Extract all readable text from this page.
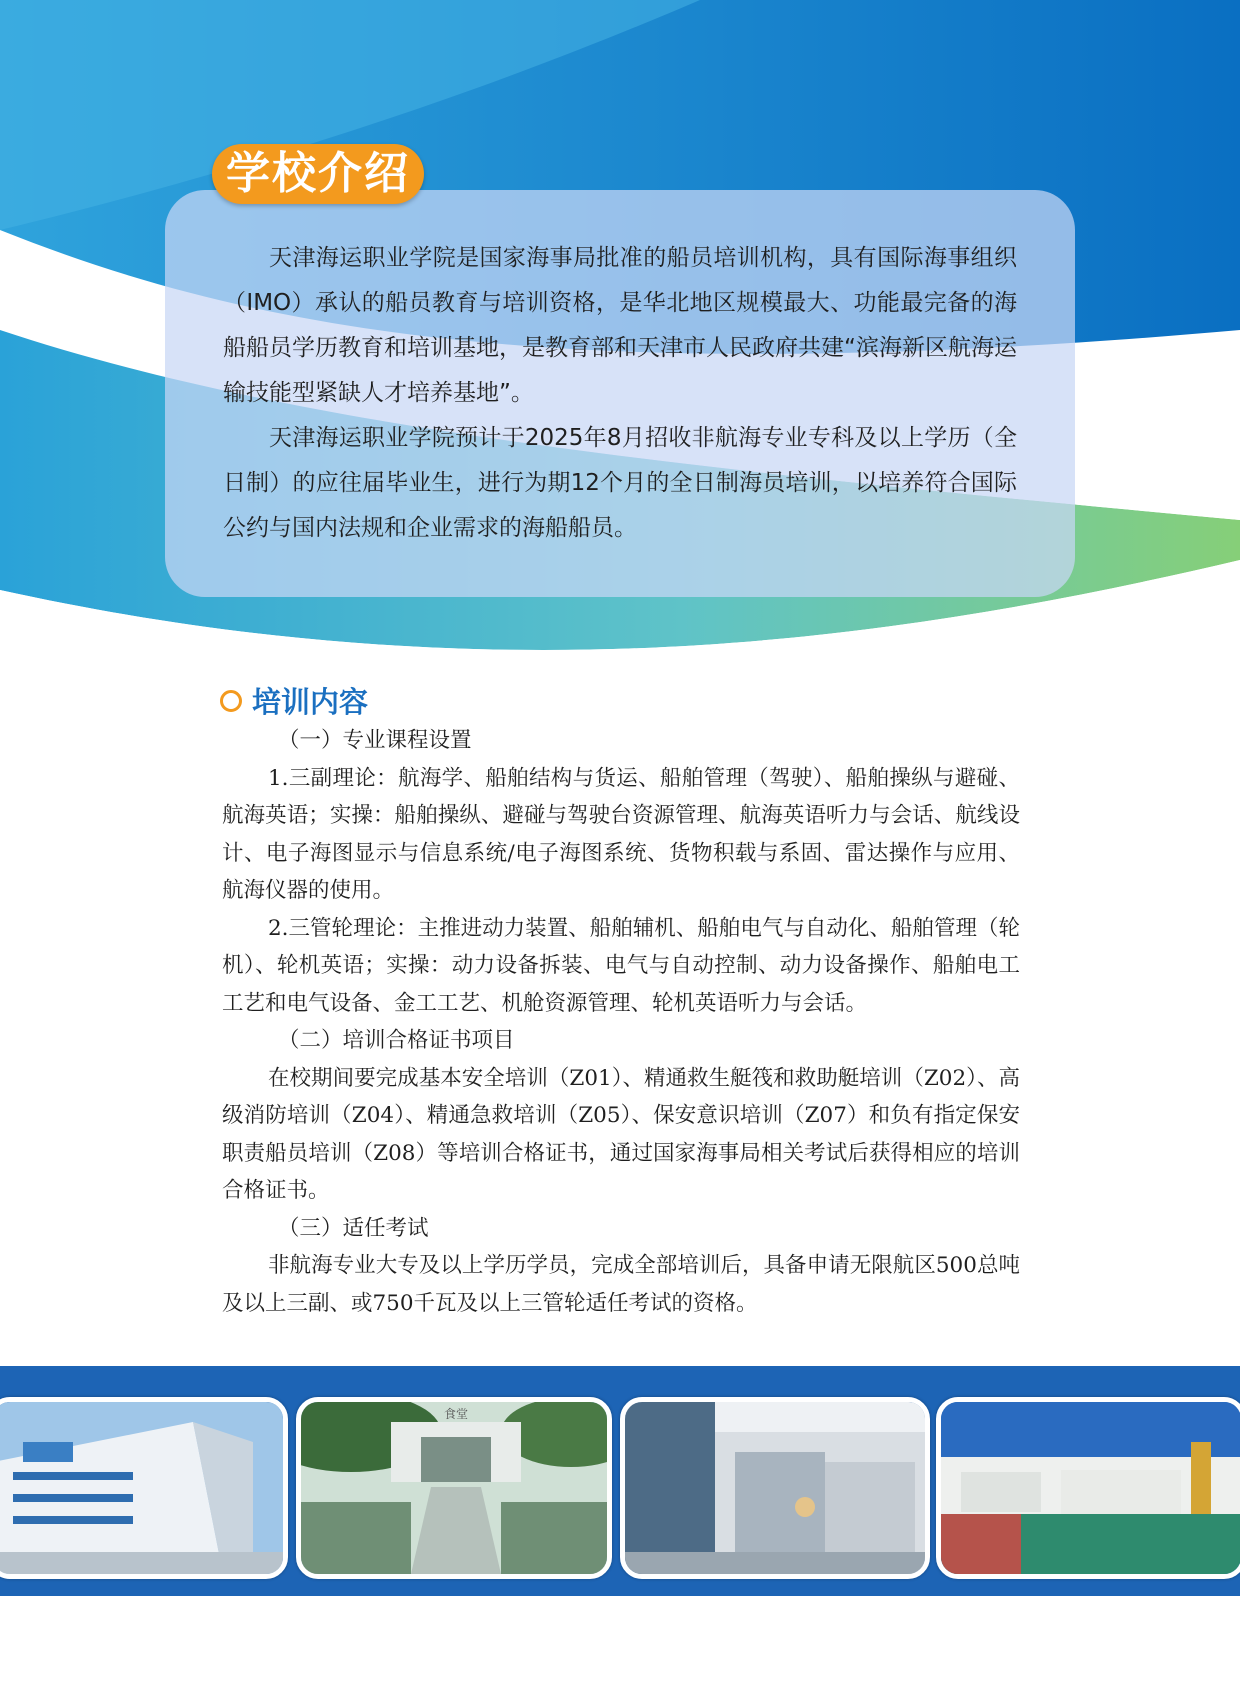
学校介绍

天津海运职业学院是国家海事局批准的船员培训机构，具有国际海事组织（IMO）承认的船员教育与培训资格，是华北地区规模最大、功能最完备的海船船员学历教育和培训基地，是教育部和天津市人民政府共建“滨海新区航海运输技能型紧缺人才培养基地”。

天津海运职业学院预计于2025年8月招收非航海专业专科及以上学历（全日制）的应往届毕业生，进行为期12个月的全日制海员培训，以培养符合国际公约与国内法规和企业需求的海船船员。

培训内容

（一）专业课程设置

1.三副理论：航海学、船舶结构与货运、船舶管理（驾驶）、船舶操纵与避碰、航海英语；实操：船舶操纵、避碰与驾驶台资源管理、航海英语听力与会话、航线设计、电子海图显示与信息系统/电子海图系统、货物积载与系固、雷达操作与应用、航海仪器的使用。

2.三管轮理论：主推进动力装置、船舶辅机、船舶电气与自动化、船舶管理（轮机）、轮机英语；实操：动力设备拆装、电气与自动控制、动力设备操作、船舶电工工艺和电气设备、金工工艺、机舱资源管理、轮机英语听力与会话。

（二）培训合格证书项目

在校期间要完成基本安全培训（Z01）、精通救生艇筏和救助艇培训（Z02）、高级消防培训（Z04）、精通急救培训（Z05）、保安意识培训（Z07）和负有指定保安职责船员培训（Z08）等培训合格证书，通过国家海事局相关考试后获得相应的培训合格证书。

（三）适任考试

非航海专业大专及以上学历学员，完成全部培训后，具备申请无限航区500总吨及以上三副、或750千瓦及以上三管轮适任考试的资格。

食堂
